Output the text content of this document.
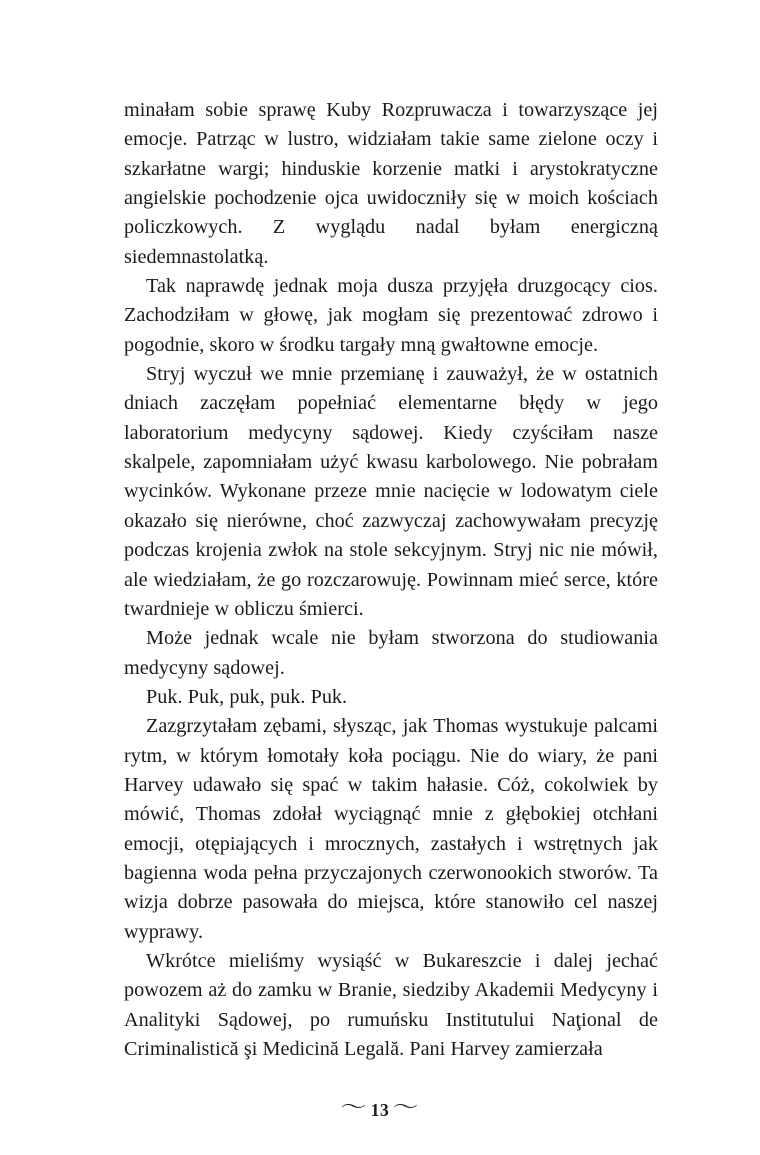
minałam sobie sprawę Kuby Rozpruwacza i towarzyszące jej emocje. Patrząc w lustro, widziałam takie same zielone oczy i szkarłatne wargi; hinduskie korzenie matki i arystokratyczne angielskie pochodzenie ojca uwidoczniły się w moich kościach policzkowych. Z wyglądu nadal byłam energiczną siedemnastolatką.

Tak naprawdę jednak moja dusza przyjęła druzgocący cios. Zachodziłam w głowę, jak mogłam się prezentować zdrowo i pogodnie, skoro w środku targały mną gwałtowne emocje.

Stryj wyczuł we mnie przemianę i zauważył, że w ostatnich dniach zaczęłam popełniać elementarne błędy w jego laboratorium medycyny sądowej. Kiedy czyściłam nasze skalpele, zapomniałam użyć kwasu karbolowego. Nie pobrałam wycinków. Wykonane przeze mnie nacięcie w lodowatym ciele okazało się nierówne, choć zazwyczaj zachowywałam precyzję podczas krojenia zwłok na stole sekcyjnym. Stryj nic nie mówił, ale wiedziałam, że go rozczarowuję. Powinnam mieć serce, które twardnieje w obliczu śmierci.

Może jednak wcale nie byłam stworzona do studiowania medycyny sądowej.

Puk. Puk, puk, puk. Puk.

Zazgrzytałam zębami, słysząc, jak Thomas wystukuje palcami rytm, w którym łomotały koła pociągu. Nie do wiary, że pani Harvey udawało się spać w takim hałasie. Cóż, cokolwiek by mówić, Thomas zdołał wyciągnąć mnie z głębokiej otchłani emocji, otępiających i mrocznych, zastałych i wstrętnych jak bagienna woda pełna przyczajonych czerwonookich stworów. Ta wizja dobrze pasowała do miejsca, które stanowiło cel naszej wyprawy.

Wkrótce mieliśmy wysiąść w Bukareszcie i dalej jechać powozem aż do zamku w Branie, siedziby Akademii Medycyny i Analityki Sądowej, po rumuńsku Institutului Naţional de Criminalistică şi Medicină Legală. Pani Harvey zamierzała

〜 13 〜
